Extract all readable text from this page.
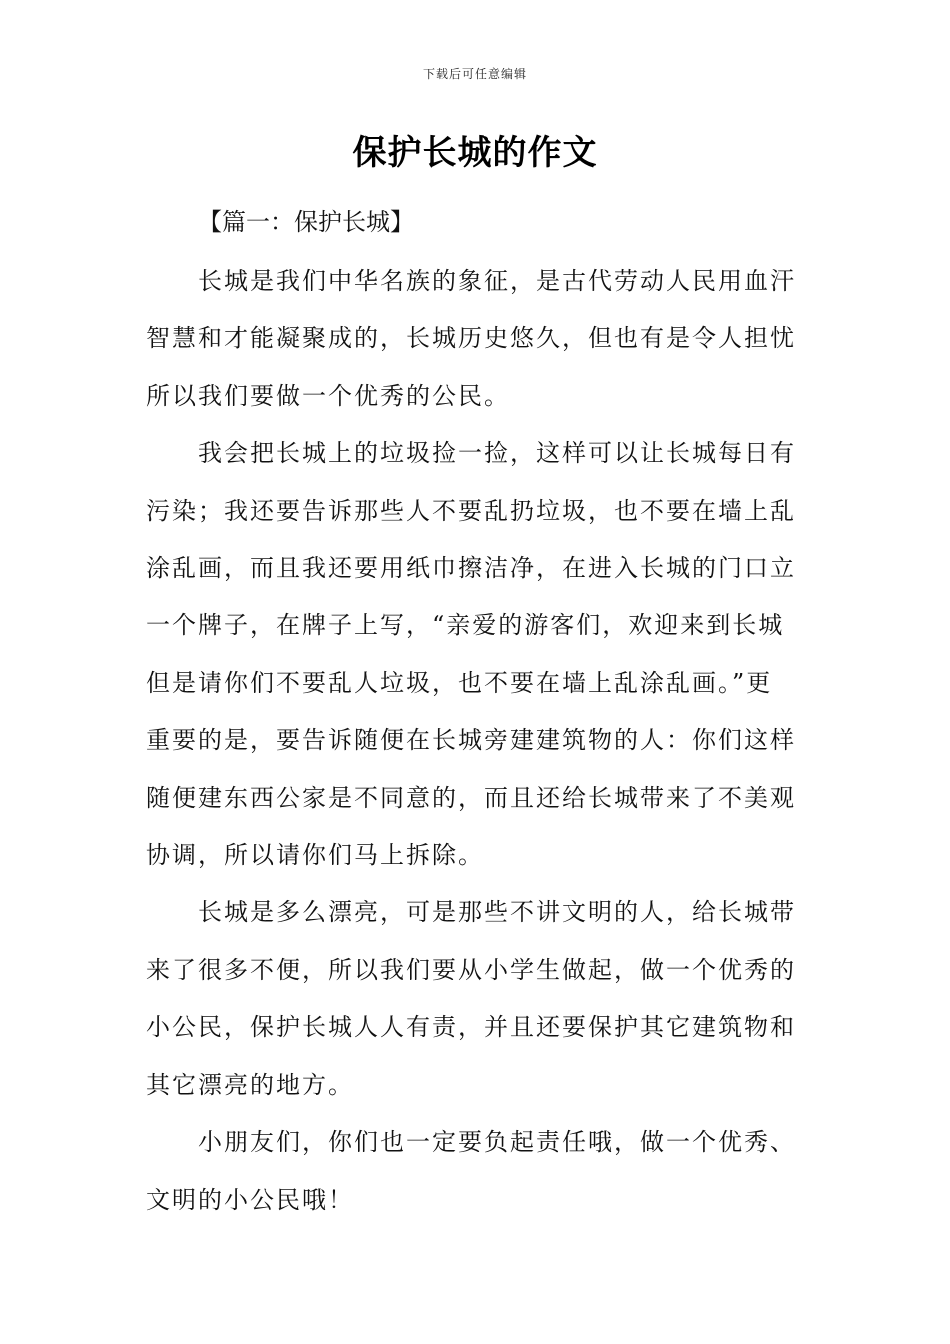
下载后可任意编辑
保护长城的作文
【篇一：保护长城】

长城是我们中华名族的象征，是古代劳动人民用血汗
智慧和才能凝聚成的，长城历史悠久，但也有是令人担忧
所以我们要做一个优秀的公民。

我会把长城上的垃圾捡一捡，这样可以让长城每日有
污染；我还要告诉那些人不要乱扔垃圾，也不要在墙上乱
涂乱画，而且我还要用纸巾擦洁净，在进入长城的门口立
一个牌子，在牌子上写，“亲爱的游客们，欢迎来到长城
但是请你们不要乱人垃圾，也不要在墙上乱涂乱画。”更
重要的是，要告诉随便在长城旁建建筑物的人：你们这样
随便建东西公家是不同意的，而且还给长城带来了不美观
协调，所以请你们马上拆除。

长城是多么漂亮，可是那些不讲文明的人，给长城带
来了很多不便，所以我们要从小学生做起，做一个优秀的
小公民，保护长城人人有责，并且还要保护其它建筑物和
其它漂亮的地方。

小朋友们，你们也一定要负起责任哦，做一个优秀、
文明的小公民哦！
